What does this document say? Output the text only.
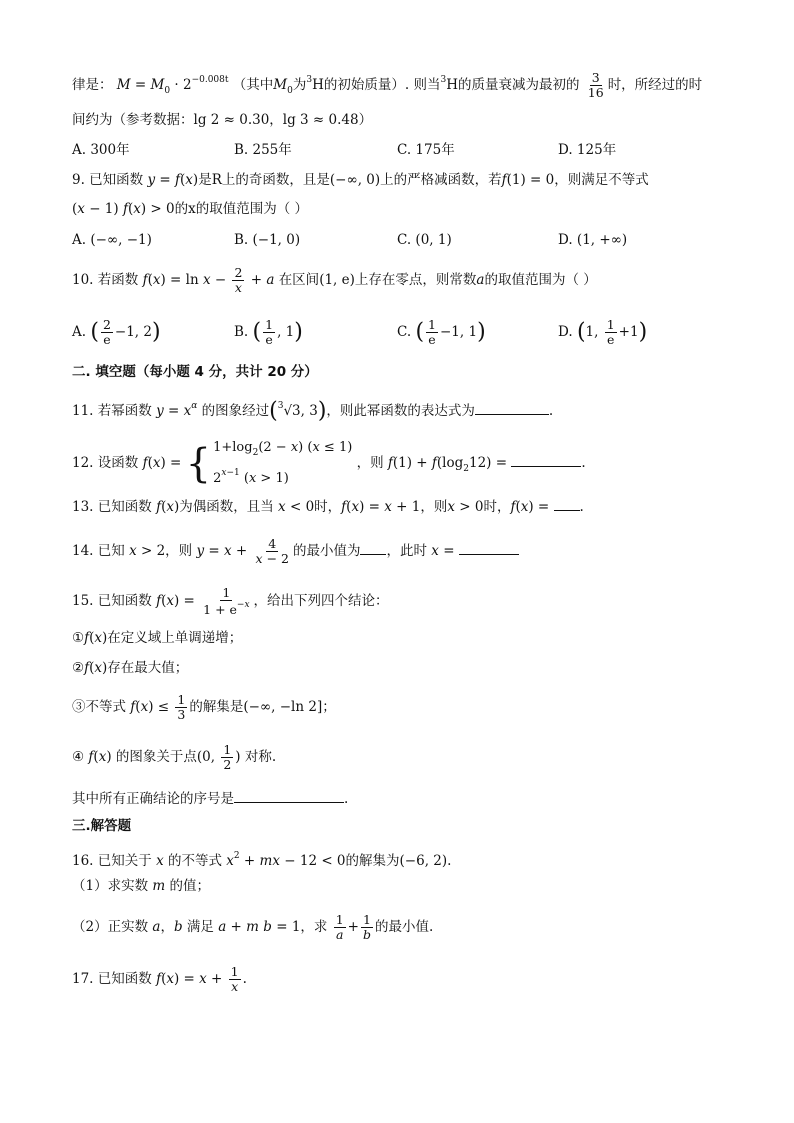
律是： $M = M_0 \cdot 2^{-0.008t}$ （其中$M_0$为$^3$H的初始质量）. 则当$^3$H的质量衰减为最初的 $\frac{3}{16}$ 时，所经过的时
间约为（参考数据：lg 2 ≈ 0.30，lg 3 ≈ 0.48）
A. 300年	B. 255年	C. 175年	D. 125年
9. 已知函数 y = f(x)是R上的奇函数，且是(−∞, 0)上的严格减函数，若f(1) = 0，则满足不等式
(x − 1) f(x) > 0的x的取值范围为（ ）
A. (−∞, −1)	B. (−1, 0)	C. (0, 1)	D. (1, +∞)
10. 若函数 $f(x) = \ln x - \frac{2}{x} + a$ 在区间(1, e)上存在零点，则常数a的取值范围为（ ）
A. ( $\frac{2}{e} -1$, 2)	B. ( $\frac{1}{e}$ , 1)	C. ( $\frac{1}{e} -1$, 1)	D. (1, $\frac{1}{e} +1$)
二. 填空题（每小题 4 分，共计 20 分）
11. 若幂函数 $y = x^\alpha$ 的图象经过($^3$√3, 3)，则此幂函数的表达式为	.
12. 设函数 f(x) = { $1+\log_2(2 - x) (x \le 1)$
$2^{x-1}$ (x > 1)
，则 $f(1) + f(\log_212)$ =	.
13. 已知函数 f(x)为偶函数，且当 x < 0时，f(x) = x + 1，则x > 0时，f(x) = .
14. 已知 x > 2，则 $y = x + \frac{4}{x - 2}$ 的最小值为 ，此时 x =
15. 已知函数 $f(x) = \frac{1}{1 + e^{-x}}$ ，给出下列四个结论：
①f(x)在定义域上单调递增；
②f(x)存在最大值；
③不等式 $f(x) \le \frac{1}{3}$ 的解集是(−∞, −ln 2]；
④ f(x) 的图象关于点(0, $\frac{1}{2}$ ) 对称.
其中所有正确结论的序号是	.
三.解答题
16. 已知关于 x 的不等式 $x^2$ + mx − 12 < 0的解集为(−6, 2).
（1）求实数 m 的值；
（2）正实数 a，b 满足 a + m b = 1，求 $\frac{1}{a} + \frac{1}{b}$ 的最小值.
17. 已知函数 $f(x) = x + \frac{1}{x}$ .
